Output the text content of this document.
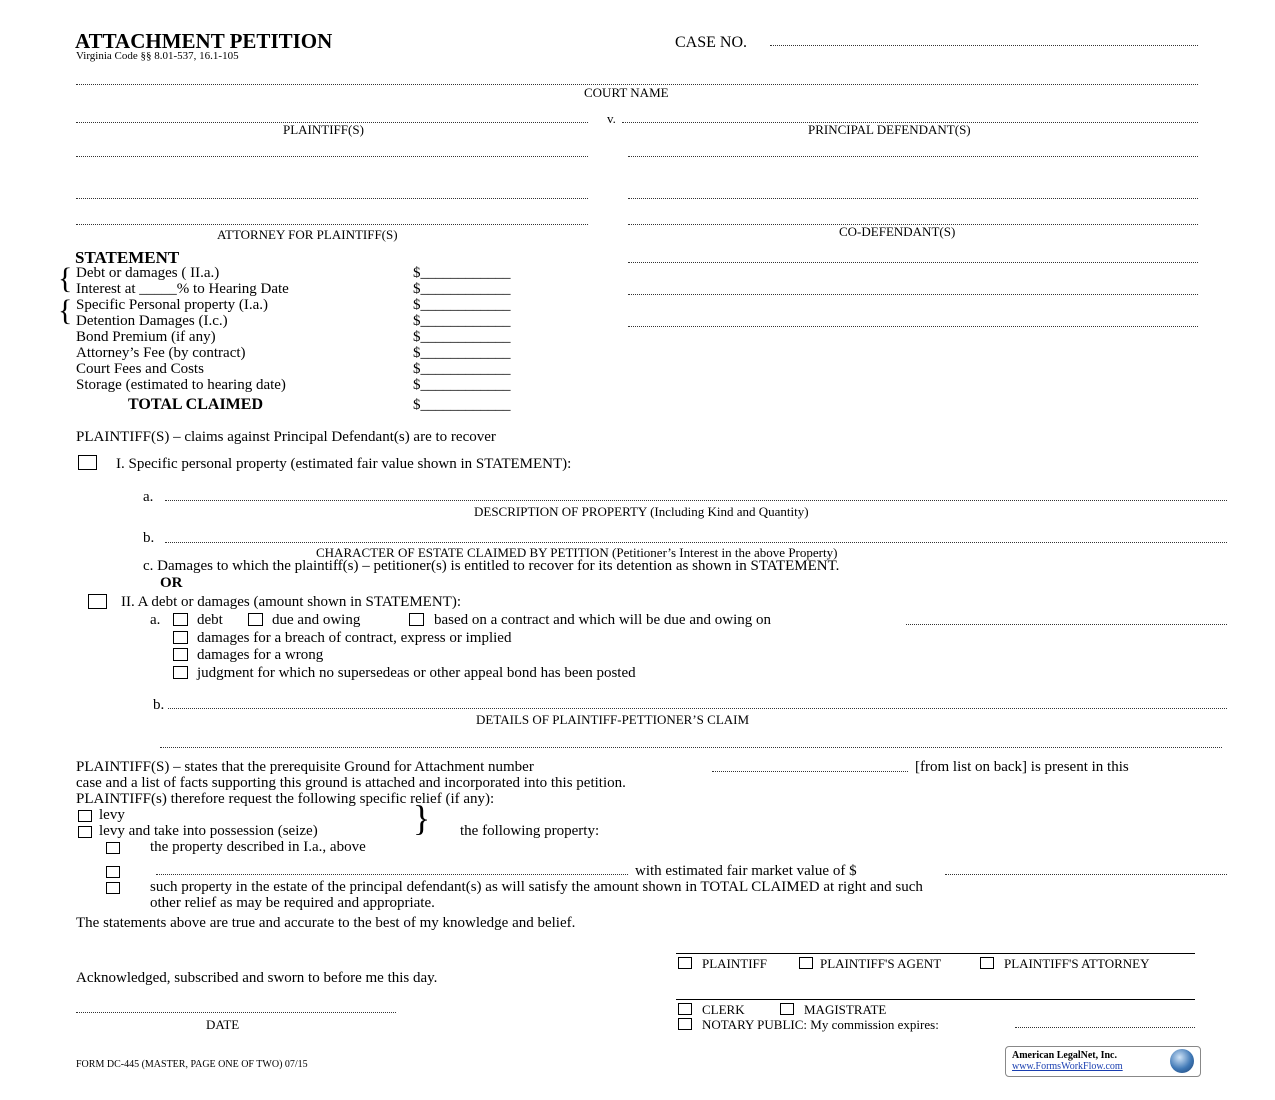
ATTACHMENT PETITION
Virginia Code §§ 8.01-537, 16.1-105
CASE NO.
COURT NAME
v.
PLAINTIFF(S)	PRINCIPAL DEFENDANT(S)
ATTORNEY FOR PLAINTIFF(S)	CO-DEFENDANT(S)
STATEMENT
{
{
Debt or damages ( II.a.)	$____________
Interest at _____% to Hearing Date	$____________
Specific Personal property (I.a.)	$____________
Detention Damages (I.c.)	$____________
Bond Premium (if any)	$____________
Attorney’s Fee (by contract)	$____________
Court Fees and Costs	$____________
Storage (estimated to hearing date)	$____________
TOTAL CLAIMED	$____________
PLAINTIFF(S) – claims against Principal Defendant(s) are to recover
I. Specific personal property (estimated fair value shown in STATEMENT):
a.
DESCRIPTION OF PROPERTY (Including Kind and Quantity)
b.
CHARACTER OF ESTATE CLAIMED BY PETITION (Petitioner’s Interest in the above Property)
c. Damages to which the plaintiff(s) – petitioner(s) is entitled to recover for its detention as shown in STATEMENT.
OR
II. A debt or damages (amount shown in STATEMENT):
a. debt	due and owing	based on a contract and which will be due and owing on
damages for a breach of contract, express or implied
damages for a wrong
judgment for which no supersedeas or other appeal bond has been posted
b.
DETAILS OF PLAINTIFF-PETTIONER’S CLAIM
PLAINTIFF(S) – states that the prerequisite Ground for Attachment number	[from list on back] is present in this
case and a list of facts supporting this ground is attached and incorporated into this petition.
PLAINTIFF(s) therefore request the following specific relief (if any):
levy
levy and take into possession (seize)	{ the following property:
the property described in I.a., above
with estimated fair market value of $
such property in the estate of the principal defendant(s) as will satisfy the amount shown in TOTAL CLAIMED at right and such
other relief as may be required and appropriate.
The statements above are true and accurate to the best of my knowledge and belief.
PLAINTIFF	PLAINTIFF'S AGENT	PLAINTIFF'S ATTORNEY
Acknowledged, subscribed and sworn to before me this day.
CLERK	MAGISTRATE
NOTARY PUBLIC: My commission expires:
DATE
FORM DC-445 (MASTER, PAGE ONE OF TWO) 07/15
American LegalNet, Inc.
www.FormsWorkFlow.com
